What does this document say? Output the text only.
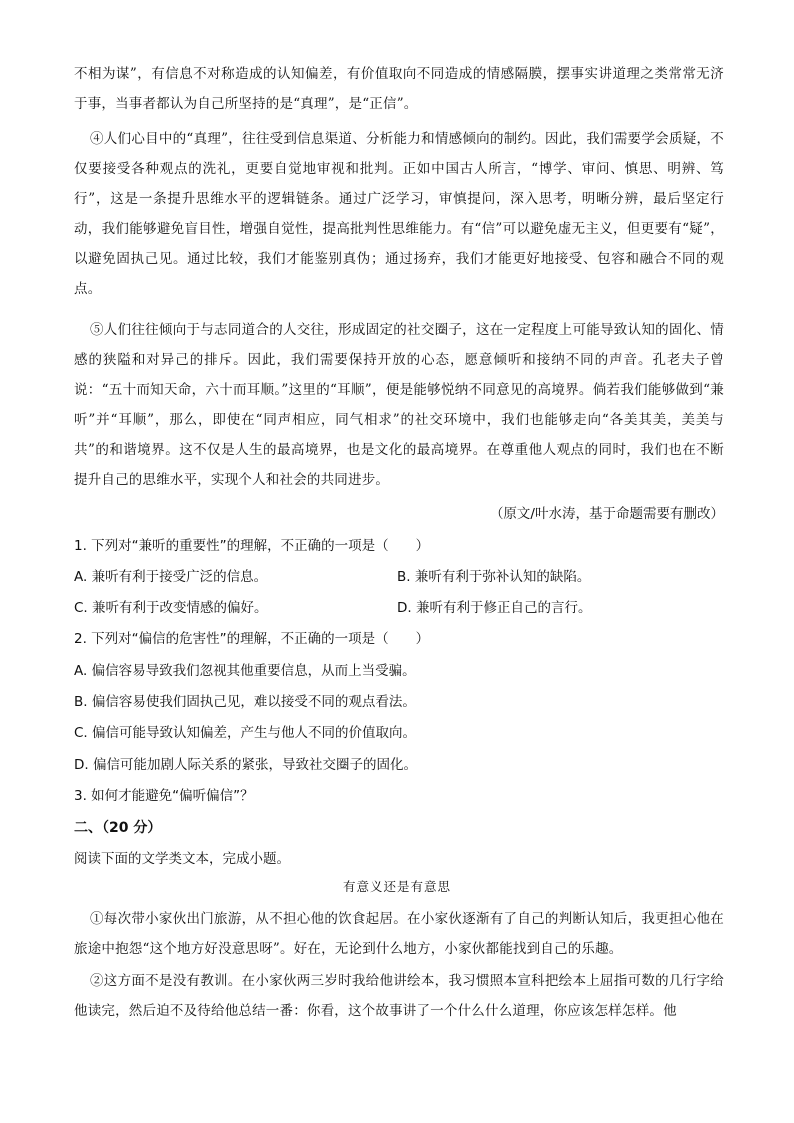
不相为谋”，有信息不对称造成的认知偏差，有价值取向不同造成的情感隔膜，摆事实讲道理之类常常无济于事，当事者都认为自己所坚持的是“真理”，是“正信”。
④人们心目中的“真理”，往往受到信息渠道、分析能力和情感倾向的制约。因此，我们需要学会质疑，不仅要接受各种观点的洗礼，更要自觉地审视和批判。正如中国古人所言，“博学、审问、慎思、明辨、笃行”，这是一条提升思维水平的逻辑链条。通过广泛学习，审慎提问，深入思考，明晰分辨，最后坚定行动，我们能够避免盲目性，增强自觉性，提高批判性思维能力。有“信”可以避免虚无主义，但更要有“疑”，以避免固执己见。通过比较，我们才能鉴别真伪；通过扬弃，我们才能更好地接受、包容和融合不同的观点。
⑤人们往往倾向于与志同道合的人交往，形成固定的社交圈子，这在一定程度上可能导致认知的固化、情感的狭隘和对异己的排斥。因此，我们需要保持开放的心态，愿意倾听和接纳不同的声音。孔老夫子曾说：“五十而知天命，六十而耳顺。”这里的“耳顺”，便是能够悦纳不同意见的高境界。倘若我们能够做到“兼听”并“耳顺”，那么，即使在“同声相应，同气相求”的社交环境中，我们也能够走向“各美其美，美美与共”的和谐境界。这不仅是人生的最高境界，也是文化的最高境界。在尊重他人观点的同时，我们也在不断提升自己的思维水平，实现个人和社会的共同进步。
（原文/叶水涛，基于命题需要有删改）
1. 下列对“兼听的重要性”的理解，不正确的一项是（　　）
A. 兼听有利于接受广泛的信息。	B. 兼听有利于弥补认知的缺陷。
C. 兼听有利于改变情感的偏好。	D. 兼听有利于修正自己的言行。
2. 下列对“偏信的危害性”的理解，不正确的一项是（　　）
A. 偏信容易导致我们忽视其他重要信息，从而上当受骗。
B. 偏信容易使我们固执己见，难以接受不同的观点看法。
C. 偏信可能导致认知偏差，产生与他人不同的价值取向。
D. 偏信可能加剧人际关系的紧张，导致社交圈子的固化。
3. 如何才能避免“偏听偏信”？
二、（20 分）
阅读下面的文学类文本，完成小题。
有意义还是有意思
①每次带小家伙出门旅游，从不担心他的饮食起居。在小家伙逐渐有了自己的判断认知后，我更担心他在旅途中抱怨“这个地方好没意思呀”。好在，无论到什么地方，小家伙都能找到自己的乐趣。
②这方面不是没有教训。在小家伙两三岁时我给他讲绘本，我习惯照本宣科把绘本上屈指可数的几行字给他读完，然后迫不及待给他总结一番：你看，这个故事讲了一个什么什么道理，你应该怎样怎样。他
